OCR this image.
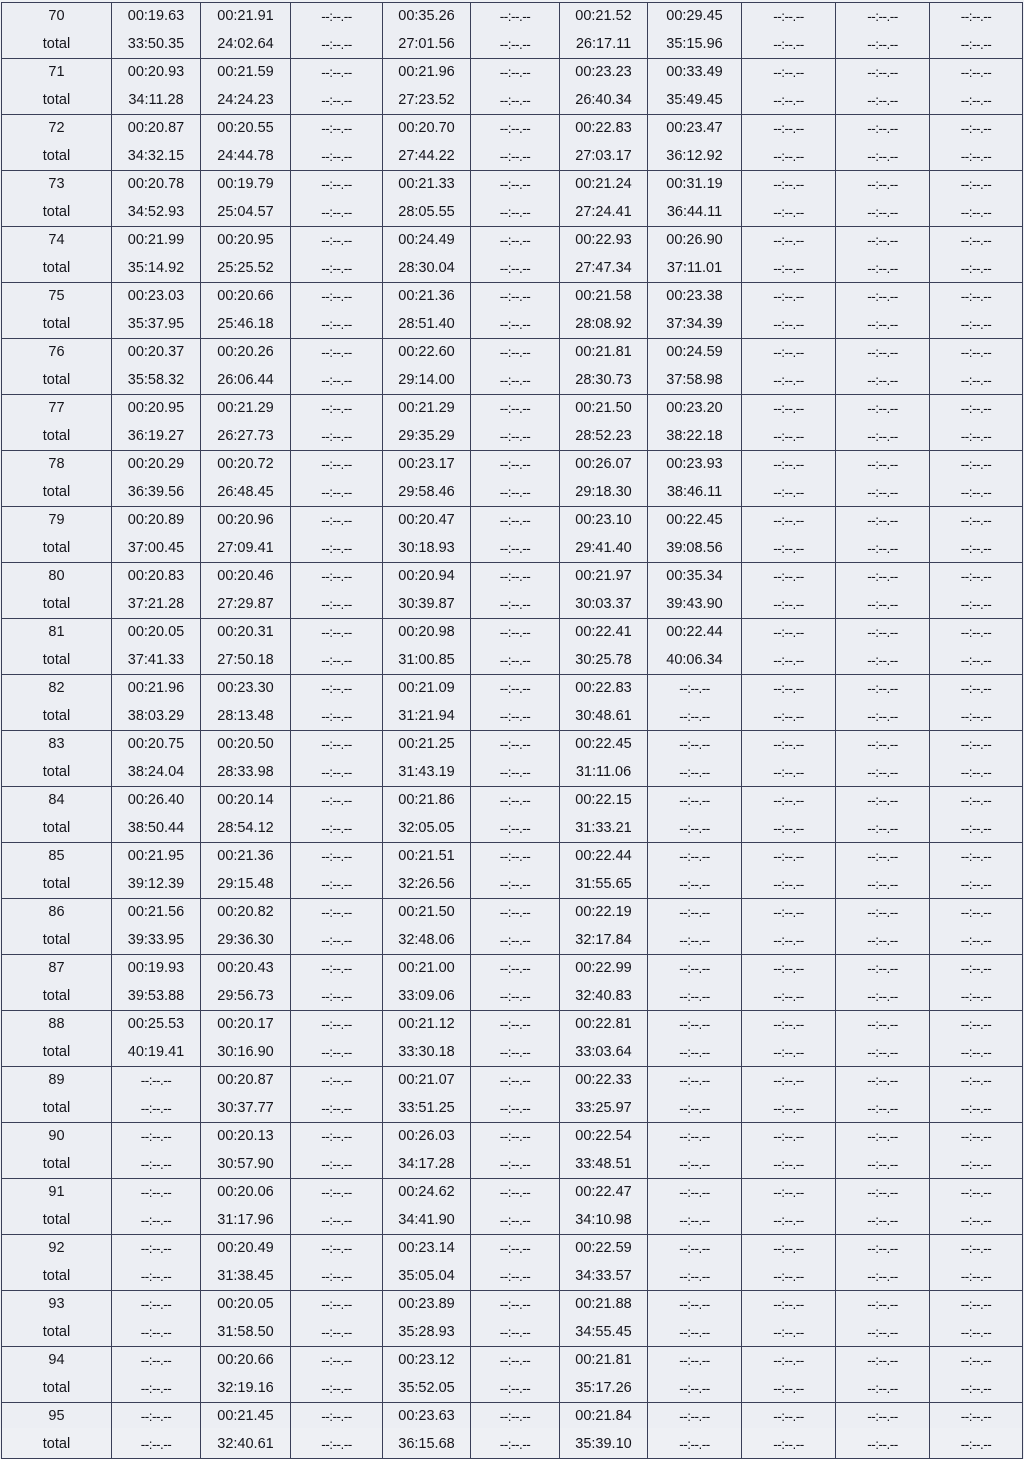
70	00:19.63	00:21.91	--:--.--	00:35.26	--:--.--	00:21.52	00:29.45	--:--.--	--:--.--	--:--.--
total	33:50.35	24:02.64	--:--.--	27:01.56	--:--.--	26:17.11	35:15.96	--:--.--	--:--.--	--:--.--
71	00:20.93	00:21.59	--:--.--	00:21.96	--:--.--	00:23.23	00:33.49	--:--.--	--:--.--	--:--.--
total	34:11.28	24:24.23	--:--.--	27:23.52	--:--.--	26:40.34	35:49.45	--:--.--	--:--.--	--:--.--
72	00:20.87	00:20.55	--:--.--	00:20.70	--:--.--	00:22.83	00:23.47	--:--.--	--:--.--	--:--.--
total	34:32.15	24:44.78	--:--.--	27:44.22	--:--.--	27:03.17	36:12.92	--:--.--	--:--.--	--:--.--
73	00:20.78	00:19.79	--:--.--	00:21.33	--:--.--	00:21.24	00:31.19	--:--.--	--:--.--	--:--.--
total	34:52.93	25:04.57	--:--.--	28:05.55	--:--.--	27:24.41	36:44.11	--:--.--	--:--.--	--:--.--
74	00:21.99	00:20.95	--:--.--	00:24.49	--:--.--	00:22.93	00:26.90	--:--.--	--:--.--	--:--.--
total	35:14.92	25:25.52	--:--.--	28:30.04	--:--.--	27:47.34	37:11.01	--:--.--	--:--.--	--:--.--
75	00:23.03	00:20.66	--:--.--	00:21.36	--:--.--	00:21.58	00:23.38	--:--.--	--:--.--	--:--.--
total	35:37.95	25:46.18	--:--.--	28:51.40	--:--.--	28:08.92	37:34.39	--:--.--	--:--.--	--:--.--
76	00:20.37	00:20.26	--:--.--	00:22.60	--:--.--	00:21.81	00:24.59	--:--.--	--:--.--	--:--.--
total	35:58.32	26:06.44	--:--.--	29:14.00	--:--.--	28:30.73	37:58.98	--:--.--	--:--.--	--:--.--
77	00:20.95	00:21.29	--:--.--	00:21.29	--:--.--	00:21.50	00:23.20	--:--.--	--:--.--	--:--.--
total	36:19.27	26:27.73	--:--.--	29:35.29	--:--.--	28:52.23	38:22.18	--:--.--	--:--.--	--:--.--
78	00:20.29	00:20.72	--:--.--	00:23.17	--:--.--	00:26.07	00:23.93	--:--.--	--:--.--	--:--.--
total	36:39.56	26:48.45	--:--.--	29:58.46	--:--.--	29:18.30	38:46.11	--:--.--	--:--.--	--:--.--
79	00:20.89	00:20.96	--:--.--	00:20.47	--:--.--	00:23.10	00:22.45	--:--.--	--:--.--	--:--.--
total	37:00.45	27:09.41	--:--.--	30:18.93	--:--.--	29:41.40	39:08.56	--:--.--	--:--.--	--:--.--
80	00:20.83	00:20.46	--:--.--	00:20.94	--:--.--	00:21.97	00:35.34	--:--.--	--:--.--	--:--.--
total	37:21.28	27:29.87	--:--.--	30:39.87	--:--.--	30:03.37	39:43.90	--:--.--	--:--.--	--:--.--
81	00:20.05	00:20.31	--:--.--	00:20.98	--:--.--	00:22.41	00:22.44	--:--.--	--:--.--	--:--.--
total	37:41.33	27:50.18	--:--.--	31:00.85	--:--.--	30:25.78	40:06.34	--:--.--	--:--.--	--:--.--
82	00:21.96	00:23.30	--:--.--	00:21.09	--:--.--	00:22.83	--:--.--	--:--.--	--:--.--	--:--.--
total	38:03.29	28:13.48	--:--.--	31:21.94	--:--.--	30:48.61	--:--.--	--:--.--	--:--.--	--:--.--
83	00:20.75	00:20.50	--:--.--	00:21.25	--:--.--	00:22.45	--:--.--	--:--.--	--:--.--	--:--.--
total	38:24.04	28:33.98	--:--.--	31:43.19	--:--.--	31:11.06	--:--.--	--:--.--	--:--.--	--:--.--
84	00:26.40	00:20.14	--:--.--	00:21.86	--:--.--	00:22.15	--:--.--	--:--.--	--:--.--	--:--.--
total	38:50.44	28:54.12	--:--.--	32:05.05	--:--.--	31:33.21	--:--.--	--:--.--	--:--.--	--:--.--
85	00:21.95	00:21.36	--:--.--	00:21.51	--:--.--	00:22.44	--:--.--	--:--.--	--:--.--	--:--.--
total	39:12.39	29:15.48	--:--.--	32:26.56	--:--.--	31:55.65	--:--.--	--:--.--	--:--.--	--:--.--
86	00:21.56	00:20.82	--:--.--	00:21.50	--:--.--	00:22.19	--:--.--	--:--.--	--:--.--	--:--.--
total	39:33.95	29:36.30	--:--.--	32:48.06	--:--.--	32:17.84	--:--.--	--:--.--	--:--.--	--:--.--
87	00:19.93	00:20.43	--:--.--	00:21.00	--:--.--	00:22.99	--:--.--	--:--.--	--:--.--	--:--.--
total	39:53.88	29:56.73	--:--.--	33:09.06	--:--.--	32:40.83	--:--.--	--:--.--	--:--.--	--:--.--
88	00:25.53	00:20.17	--:--.--	00:21.12	--:--.--	00:22.81	--:--.--	--:--.--	--:--.--	--:--.--
total	40:19.41	30:16.90	--:--.--	33:30.18	--:--.--	33:03.64	--:--.--	--:--.--	--:--.--	--:--.--
89	--:--.--	00:20.87	--:--.--	00:21.07	--:--.--	00:22.33	--:--.--	--:--.--	--:--.--	--:--.--
total	--:--.--	30:37.77	--:--.--	33:51.25	--:--.--	33:25.97	--:--.--	--:--.--	--:--.--	--:--.--
90	--:--.--	00:20.13	--:--.--	00:26.03	--:--.--	00:22.54	--:--.--	--:--.--	--:--.--	--:--.--
total	--:--.--	30:57.90	--:--.--	34:17.28	--:--.--	33:48.51	--:--.--	--:--.--	--:--.--	--:--.--
91	--:--.--	00:20.06	--:--.--	00:24.62	--:--.--	00:22.47	--:--.--	--:--.--	--:--.--	--:--.--
total	--:--.--	31:17.96	--:--.--	34:41.90	--:--.--	34:10.98	--:--.--	--:--.--	--:--.--	--:--.--
92	--:--.--	00:20.49	--:--.--	00:23.14	--:--.--	00:22.59	--:--.--	--:--.--	--:--.--	--:--.--
total	--:--.--	31:38.45	--:--.--	35:05.04	--:--.--	34:33.57	--:--.--	--:--.--	--:--.--	--:--.--
93	--:--.--	00:20.05	--:--.--	00:23.89	--:--.--	00:21.88	--:--.--	--:--.--	--:--.--	--:--.--
total	--:--.--	31:58.50	--:--.--	35:28.93	--:--.--	34:55.45	--:--.--	--:--.--	--:--.--	--:--.--
94	--:--.--	00:20.66	--:--.--	00:23.12	--:--.--	00:21.81	--:--.--	--:--.--	--:--.--	--:--.--
total	--:--.--	32:19.16	--:--.--	35:52.05	--:--.--	35:17.26	--:--.--	--:--.--	--:--.--	--:--.--
95	--:--.--	00:21.45	--:--.--	00:23.63	--:--.--	00:21.84	--:--.--	--:--.--	--:--.--	--:--.--
total	--:--.--	32:40.61	--:--.--	36:15.68	--:--.--	35:39.10	--:--.--	--:--.--	--:--.--	--:--.--
